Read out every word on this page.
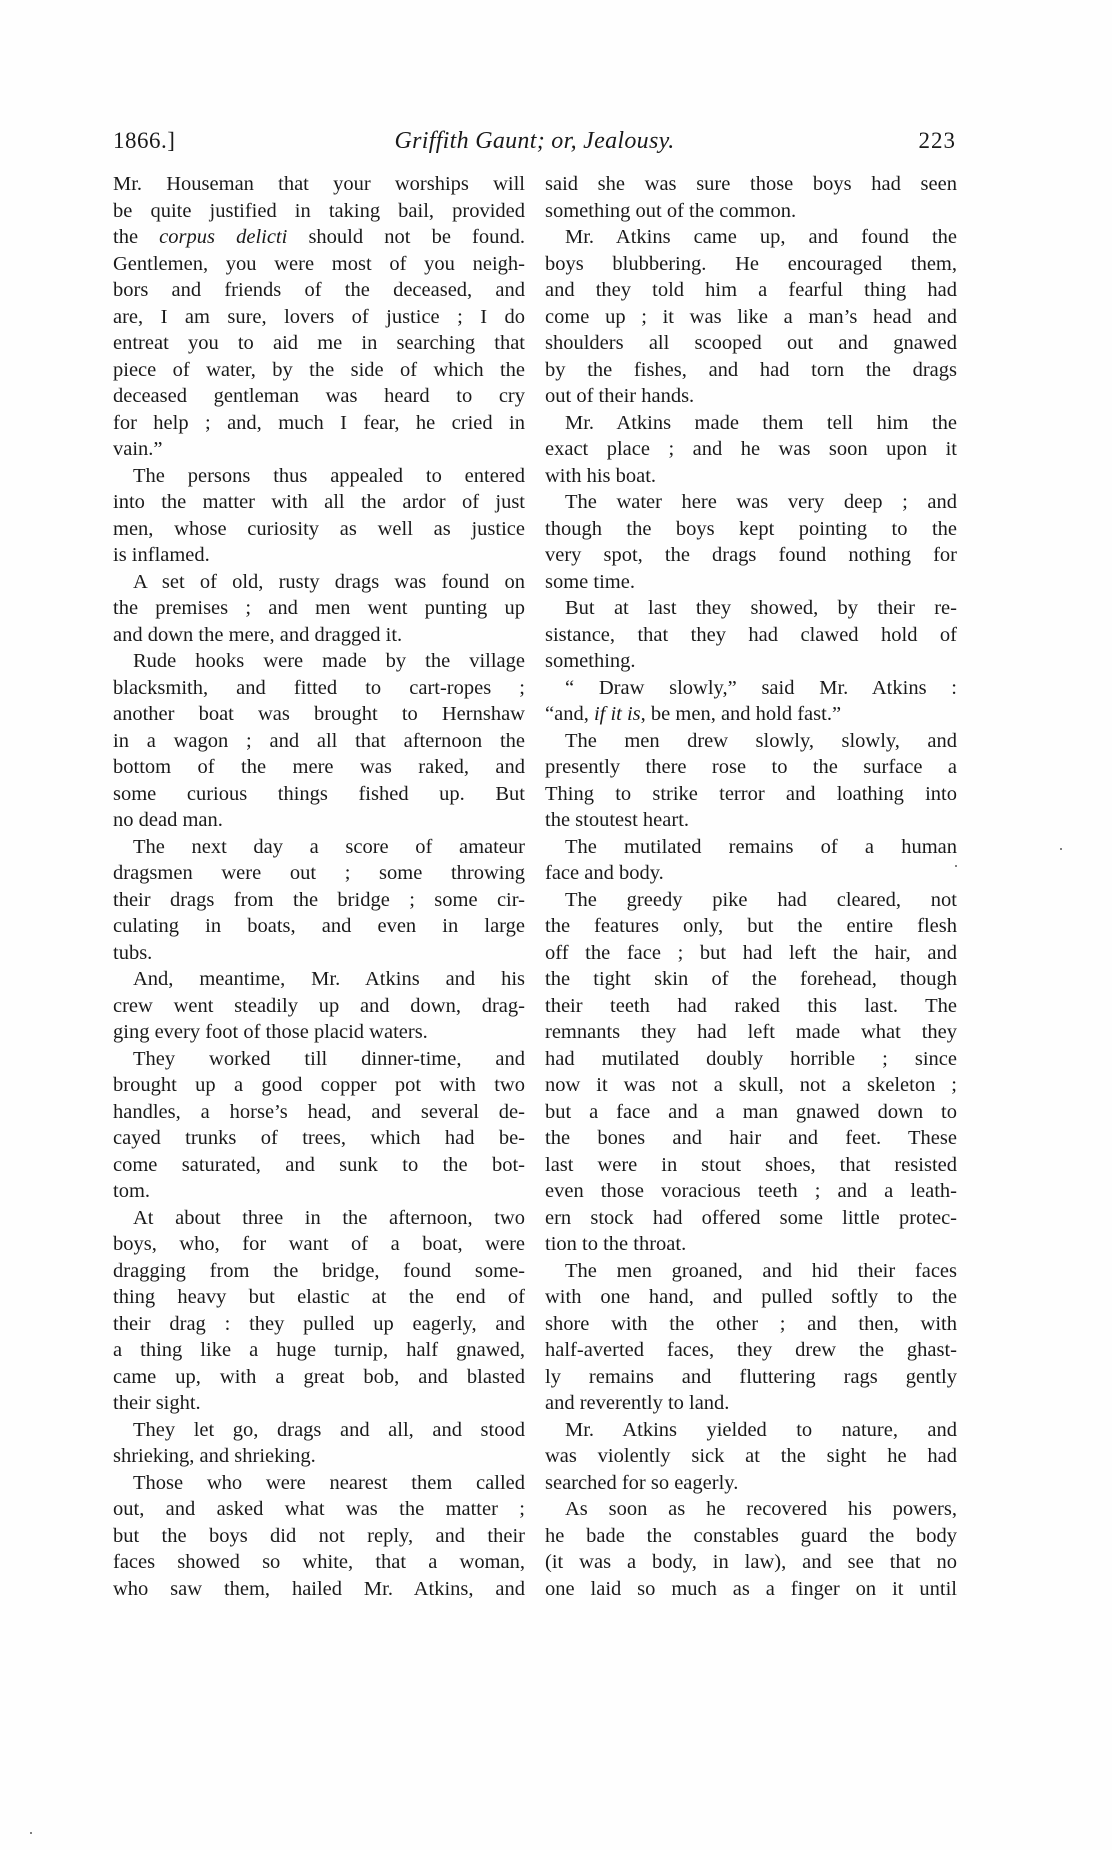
1866.]	Griffith Gaunt; or, Jealousy.	223
Mr. Houseman that your worships will
be quite justified in taking bail, provided
the corpus delicti should not be found.
Gentlemen, you were most of you neigh-
bors and friends of the deceased, and
are, I am sure, lovers of justice ; I do
entreat you to aid me in searching that
piece of water, by the side of which the
deceased gentleman was heard to cry
for help ; and, much I fear, he cried in
vain.”
The persons thus appealed to entered
into the matter with all the ardor of just
men, whose curiosity as well as justice
is inflamed.
A set of old, rusty drags was found on
the premises ; and men went punting up
and down the mere, and dragged it.
Rude hooks were made by the village
blacksmith, and fitted to cart-ropes ;
another boat was brought to Hernshaw
in a wagon ; and all that afternoon the
bottom of the mere was raked, and
some curious things fished up. But
no dead man.
The next day a score of amateur
dragsmen were out ; some throwing
their drags from the bridge ; some cir-
culating in boats, and even in large
tubs.
And, meantime, Mr. Atkins and his
crew went steadily up and down, drag-
ging every foot of those placid waters.
They worked till dinner-time, and
brought up a good copper pot with two
handles, a horse’s head, and several de-
cayed trunks of trees, which had be-
come saturated, and sunk to the bot-
tom.
At about three in the afternoon, two
boys, who, for want of a boat, were
dragging from the bridge, found some-
thing heavy but elastic at the end of
their drag : they pulled up eagerly, and
a thing like a huge turnip, half gnawed,
came up, with a great bob, and blasted
their sight.
They let go, drags and all, and stood
shrieking, and shrieking.
Those who were nearest them called
out, and asked what was the matter ;
but the boys did not reply, and their
faces showed so white, that a woman,
who saw them, hailed Mr. Atkins, and
said she was sure those boys had seen
something out of the common.
Mr. Atkins came up, and found the
boys blubbering. He encouraged them,
and they told him a fearful thing had
come up ; it was like a man’s head and
shoulders all scooped out and gnawed
by the fishes, and had torn the drags
out of their hands.
Mr. Atkins made them tell him the
exact place ; and he was soon upon it
with his boat.
The water here was very deep ; and
though the boys kept pointing to the
very spot, the drags found nothing for
some time.
But at last they showed, by their re-
sistance, that they had clawed hold of
something.
“ Draw slowly,” said Mr. Atkins :
“and, if it is, be men, and hold fast.”
The men drew slowly, slowly, and
presently there rose to the surface a
Thing to strike terror and loathing into
the stoutest heart.
The mutilated remains of a human
face and body.
The greedy pike had cleared, not
the features only, but the entire flesh
off the face ; but had left the hair, and
the tight skin of the forehead, though
their teeth had raked this last. The
remnants they had left made what they
had mutilated doubly horrible ; since
now it was not a skull, not a skeleton ;
but a face and a man gnawed down to
the bones and hair and feet. These
last were in stout shoes, that resisted
even those voracious teeth ; and a leath-
ern stock had offered some little protec-
tion to the throat.
The men groaned, and hid their faces
with one hand, and pulled softly to the
shore with the other ; and then, with
half-averted faces, they drew the ghast-
ly remains and fluttering rags gently
and reverently to land.
Mr. Atkins yielded to nature, and
was violently sick at the sight he had
searched for so eagerly.
As soon as he recovered his powers,
he bade the constables guard the body
(it was a body, in law), and see that no
one laid so much as a finger on it until
